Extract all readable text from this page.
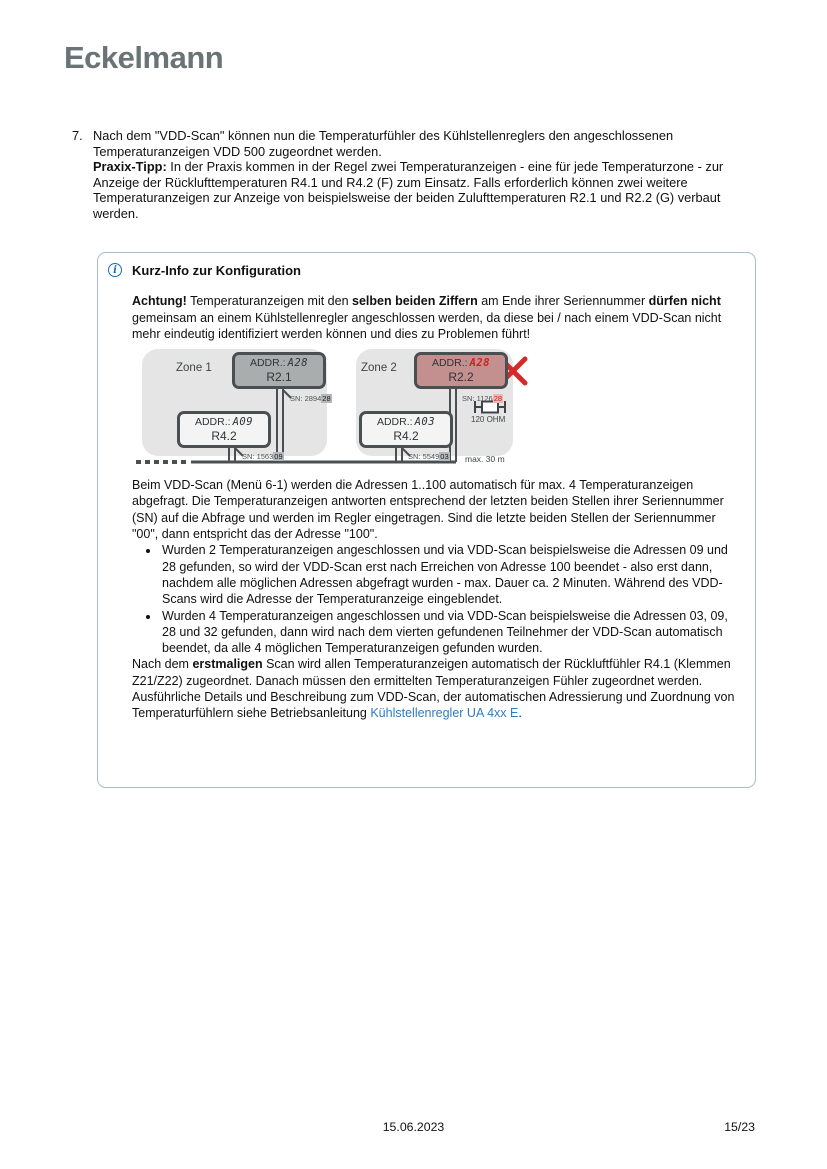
Eckelmann
7. Nach dem "VDD-Scan" können nun die Temperaturfühler des Kühlstellenreglers den angeschlossenen Temperaturanzeigen VDD 500 zugeordnet werden.
Praxix-Tipp: In der Praxis kommen in der Regel zwei Temperaturanzeigen - eine für jede Temperaturzone - zur Anzeige der Rücklufttemperaturen R4.1 und R4.2 (F) zum Einsatz. Falls erforderlich können zwei weitere Temperaturanzeigen zur Anzeige von beispielsweise der beiden Zulufttemperaturen R2.1 und R2.2 (G) verbaut werden.
i	Kurz-Info zur Konfiguration
Achtung! Temperaturanzeigen mit den selben beiden Ziffern am Ende ihrer Seriennummer dürfen nicht gemeinsam an einem Kühlstellenregler angeschlossen werden, da diese bei / nach einem VDD-Scan nicht mehr eindeutig identifiziert werden können und dies zu Problemen führt!
Zone 1	Zone 2
ADDR.: A28
R2.1
ADDR.: A28
R2.2
ADDR.: A09
R4.2
ADDR.: A03
R4.2
SN: 289428	SN: 112628
SN: 156309	SN: 554903
120 OHM
max. 30 m
Beim VDD-Scan (Menü 6-1) werden die Adressen 1..100 automatisch für max. 4 Temperaturanzeigen abgefragt. Die Temperaturanzeigen antworten entsprechend der letzten beiden Stellen ihrer Seriennummer (SN) auf die Abfrage und werden im Regler eingetragen. Sind die letzte beiden Stellen der Seriennummer "00", dann entspricht das der Adresse "100".
• Wurden 2 Temperaturanzeigen angeschlossen und via VDD-Scan beispielsweise die Adressen 09 und 28 gefunden, so wird der VDD-Scan erst nach Erreichen von Adresse 100 beendet - also erst dann, nachdem alle möglichen Adressen abgefragt wurden - max. Dauer ca. 2 Minuten. Während des VDD-Scans wird die Adresse der Temperaturanzeige eingeblendet.
• Wurden 4 Temperaturanzeigen angeschlossen und via VDD-Scan beispielsweise die Adressen 03, 09, 28 und 32 gefunden, dann wird nach dem vierten gefundenen Teilnehmer der VDD-Scan automatisch beendet, da alle 4 möglichen Temperaturanzeigen gefunden wurden.
Nach dem erstmaligen Scan wird allen Temperaturanzeigen automatisch der Rückluftfühler R4.1 (Klemmen Z21/Z22) zugeordnet. Danach müssen den ermittelten Temperaturanzeigen Fühler zugeordnet werden. Ausführliche Details und Beschreibung zum VDD-Scan, der automatischen Adressierung und Zuordnung von Temperaturfühlern siehe Betriebsanleitung Kühlstellenregler UA 4xx E.
15.06.2023	15/23
